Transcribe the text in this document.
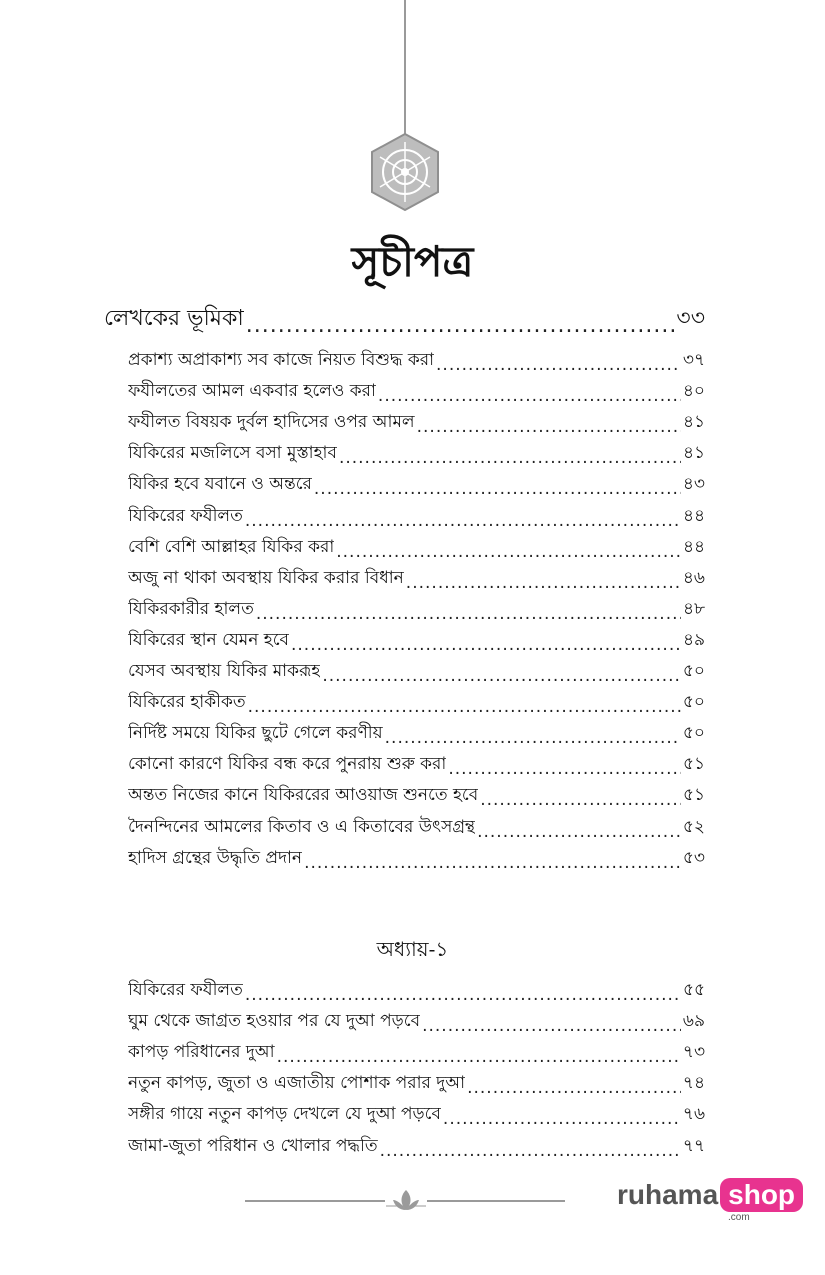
সূচীপত্র
লেখকের ভূমিকা .....	৩৩
প্রকাশ্য অপ্রাকাশ্য সব কাজে নিয়ত বিশুদ্ধ করা .....	৩৭
ফযীলতের আমল একবার হলেও করা .....	৪০
ফযীলত বিষয়ক দুর্বল হাদিসের ওপর আমল .....	৪১
যিকিরের মজলিসে বসা মুস্তাহাব .....	৪১
যিকির হবে যবানে ও অন্তরে .....	৪৩
যিকিরের ফযীলত .....	৪৪
বেশি বেশি আল্লাহর যিকির করা .....	৪৪
অজু না থাকা অবস্থায় যিকির করার বিধান .....	৪৬
যিকিরকারীর হালত .....	৪৮
যিকিরের স্থান যেমন হবে .....	৪৯
যেসব অবস্থায় যিকির মাকরূহ .....	৫০
যিকিরের হাকীকত .....	৫০
নির্দিষ্ট সময়ে যিকির ছুটে গেলে করণীয় .....	৫০
কোনো কারণে যিকির বন্ধ করে পুনরায় শুরু করা .....	৫১
অন্তত নিজের কানে যিকিররের আওয়াজ শুনতে হবে .....	৫১
দৈনন্দিনের আমলের কিতাব ও এ কিতাবের উৎসগ্রন্থ .....	৫২
হাদিস গ্রন্থের উদ্ধৃতি প্রদান .....	৫৩
যিকিরের ফযীলত .....	৫৫
ঘুম থেকে জাগ্রত হওয়ার পর যে দুআ পড়বে .....	৬৯
কাপড় পরিধানের দুআ .....	৭৩
নতুন কাপড়, জুতা ও এজাতীয় পোশাক পরার দুআ .....	৭৪
সঙ্গীর গায়ে নতুন কাপড় দেখলে যে দুআ পড়বে .....	৭৬
জামা-জুতা পরিধান ও খোলার পদ্ধতি .....	৭৭
অধ্যায়-১
ruhama shop
.com
